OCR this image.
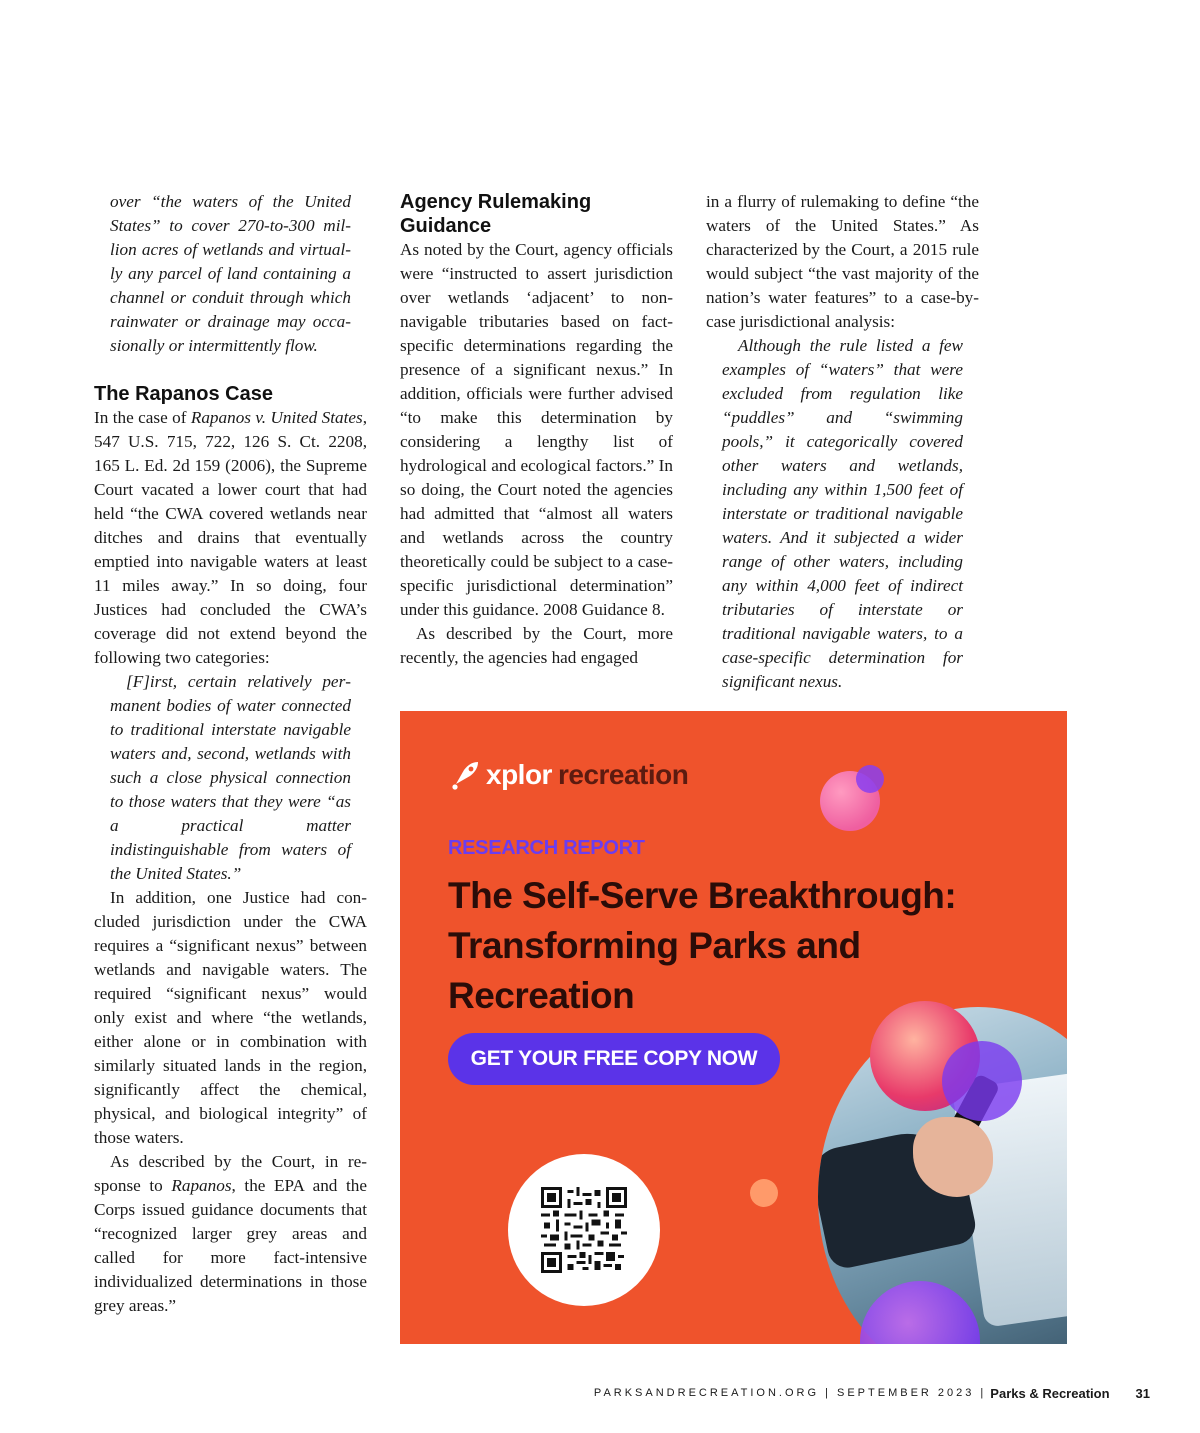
over “the waters of the United States” to cover 270-to-300 million acres of wetlands and virtually any parcel of land containing a channel or conduit through which rainwater or drainage may occasionally or intermittently flow.

The Rapanos Case

In the case of Rapanos v. United States, 547 U.S. 715, 722, 126 S. Ct. 2208, 165 L. Ed. 2d 159 (2006), the Supreme Court vacated a lower court that had held “the CWA covered wetlands near ditches and drains that eventually emptied into navigable waters at least 11 miles away.” In so doing, four Justices had concluded the CWA’s coverage did not extend beyond the following two categories:

[F]irst, certain relatively permanent bodies of water connected to traditional interstate navigable waters and, second, wetlands with such a close physical connection to those waters that they were “as a practical matter indistinguishable from waters of the United States.”

In addition, one Justice had concluded jurisdiction under the CWA requires a “significant nexus” between wetlands and navigable waters. The required “significant nexus” would only exist and where “the wetlands, either alone or in combination with similarly situated lands in the region, significantly affect the chemical, physical, and biological integrity” of those waters.

As described by the Court, in response to Rapanos, the EPA and the Corps issued guidance documents that “recognized larger grey areas and called for more fact-intensive individualized determinations in those grey areas.”

Agency Rulemaking
Guidance

As noted by the Court, agency officials were “instructed to assert jurisdiction over wetlands ‘adjacent’ to non-navigable tributaries based on fact-specific determinations regarding the presence of a significant nexus.” In addition, officials were further advised “to make this determination by considering a lengthy list of hydrological and ecological factors.” In so doing, the Court noted the agencies had admitted that “almost all waters and wetlands across the country theoretically could be subject to a case-specific jurisdictional determination” under this guidance. 2008 Guidance 8.

As described by the Court, more recently, the agencies had engaged

in a flurry of rulemaking to define “the waters of the United States.” As characterized by the Court, a 2015 rule would subject “the vast majority of the nation’s water features” to a case-by-case jurisdictional analysis:

Although the rule listed a few examples of “waters” that were excluded from regulation like “puddles” and “swimming pools,” it categorically covered other waters and wetlands, including any within 1,500 feet of interstate or traditional navigable waters. And it subjected a wider range of other waters, including any within 4,000 feet of indirect tributaries of interstate or traditional navigable waters, to a case-specific determination for significant nexus.

xplor recreation
RESEARCH REPORT
The Self-Serve Breakthrough:
Transforming Parks and
Recreation
GET YOUR FREE COPY NOW
PARKSANDRECREATION.ORG | SEPTEMBER 2023 | Parks & Recreation 31
